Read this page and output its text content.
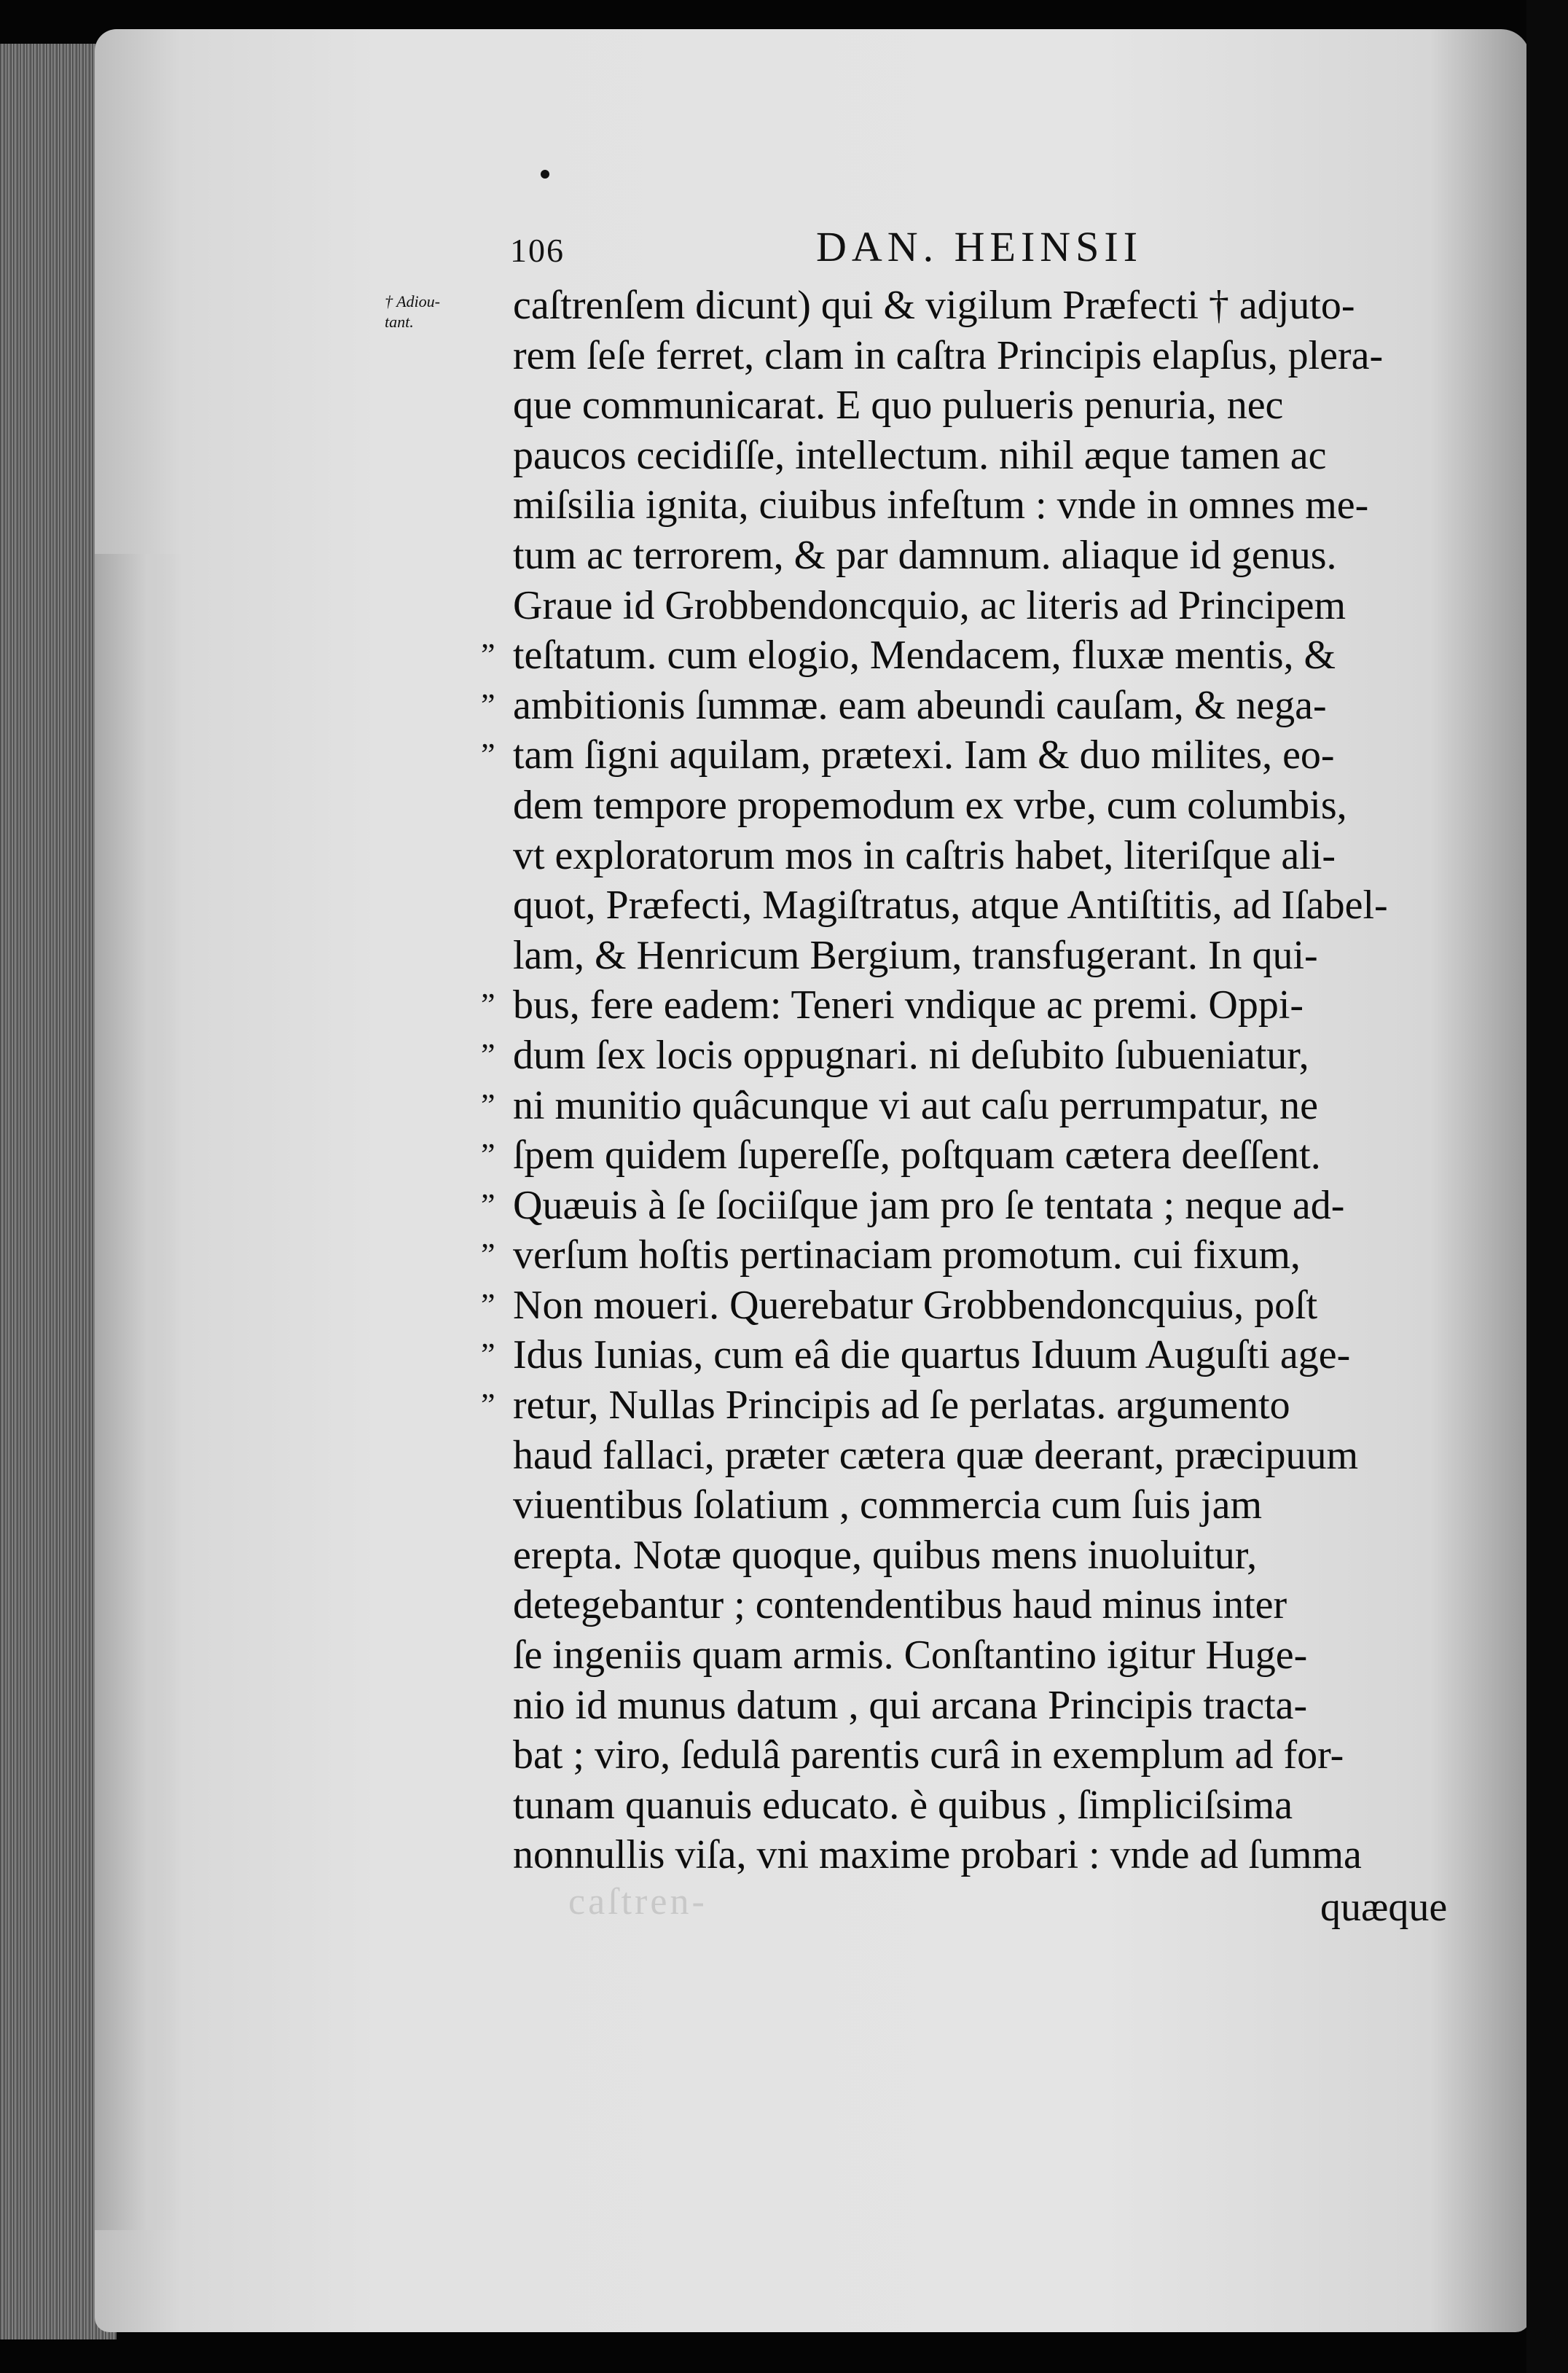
106	DAN. HEINSII
† Adiou-
tant.
caſtren-
caſtrenſem dicunt) qui & vigilum Præfecti † adjuto-
rem ſeſe ferret, clam in caſtra Principis elapſus, plera-
que communicarat. E quo pulueris penuria, nec
paucos cecidiſſe, intellectum. nihil æque tamen ac
miſsilia ignita, ciuibus infeſtum : vnde in omnes me-
tum ac terrorem, & par damnum. aliaque id genus.
Graue id Grobbendoncquio, ac literis ad Principem
” teſtatum. cum elogio, Mendacem, fluxæ mentis, &
” ambitionis ſummæ. eam abeundi cauſam, & nega-
” tam ſigni aquilam, prætexi. Iam & duo milites, eo-
dem tempore propemodum ex vrbe, cum columbis,
vt exploratorum mos in caſtris habet, literiſque ali-
quot, Præfecti, Magiſtratus, atque Antiſtitis, ad Iſabel-
lam, & Henricum Bergium, transfugerant. In qui-
” bus, fere eadem: Teneri vndique ac premi. Oppi-
” dum ſex locis oppugnari. ni deſubito ſubueniatur,
” ni munitio quâcunque vi aut caſu perrumpatur, ne
” ſpem quidem ſupereſſe, poſtquam cætera deeſſent.
” Quæuis à ſe ſociiſque jam pro ſe tentata ; neque ad-
” verſum hoſtis pertinaciam promotum. cui fixum,
” Non moueri. Querebatur Grobbendoncquius, poſt
” Idus Iunias, cum eâ die quartus Iduum Auguſti age-
” retur, Nullas Principis ad ſe perlatas. argumento
haud fallaci, præter cætera quæ deerant, præcipuum
viuentibus ſolatium , commercia cum ſuis jam
erepta. Notæ quoque, quibus mens inuoluitur,
detegebantur ; contendentibus haud minus inter
ſe ingeniis quam armis. Conſtantino igitur Huge-
nio id munus datum , qui arcana Principis tracta-
bat ; viro, ſedulâ parentis curâ in exemplum ad for-
tunam quanuis educato. è quibus , ſimpliciſsima
nonnullis viſa, vni maxime probari : vnde ad ſumma
quæque
